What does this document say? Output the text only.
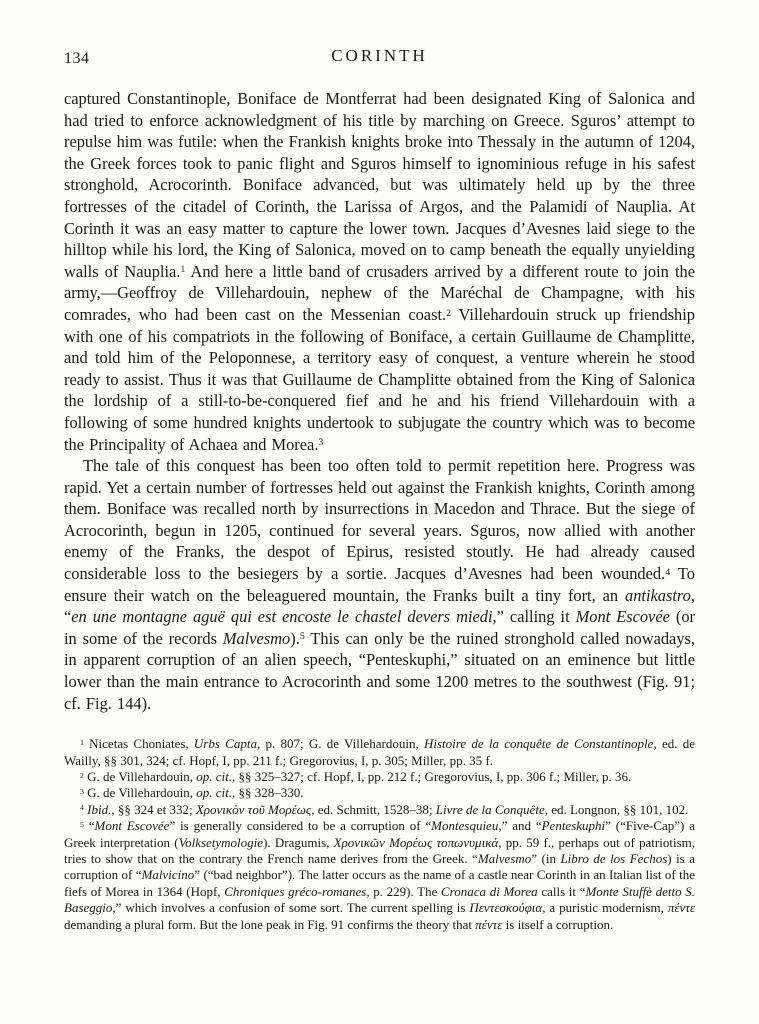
134	CORINTH

captured Constantinople, Boniface de Montferrat had been designated King of Salonica and had tried to enforce acknowledgment of his title by marching on Greece. Sguros’ attempt to repulse him was futile: when the Frankish knights broke into Thessaly in the autumn of 1204, the Greek forces took to panic flight and Sguros himself to ignominious refuge in his safest stronghold, Acrocorinth. Boniface advanced, but was ultimately held up by the three fortresses of the citadel of Corinth, the Larissa of Argos, and the Palamidi of Nauplia. At Corinth it was an easy matter to capture the lower town. Jacques d’Avesnes laid siege to the hilltop while his lord, the King of Salonica, moved on to camp beneath the equally unyielding walls of Nauplia.$^1$ And here a little band of crusaders arrived by a different route to join the army,—Geoffroy de Villehardouin, nephew of the Maréchal de Champagne, with his comrades, who had been cast on the Messenian coast.$^2$ Villehardouin struck up friendship with one of his compatriots in the following of Boniface, a certain Guillaume de Champlitte, and told him of the Peloponnese, a territory easy of conquest, a venture wherein he stood ready to assist. Thus it was that Guillaume de Champlitte obtained from the King of Salonica the lordship of a still-to-be-conquered fief and he and his friend Villehardouin with a following of some hundred knights undertook to subjugate the country which was to become the Principality of Achaea and Morea.$^3$

The tale of this conquest has been too often told to permit repetition here. Progress was rapid. Yet a certain number of fortresses held out against the Frankish knights, Corinth among them. Boniface was recalled north by insurrections in Macedon and Thrace. But the siege of Acrocorinth, begun in 1205, continued for several years. Sguros, now allied with another enemy of the Franks, the despot of Epirus, resisted stoutly. He had already caused considerable loss to the besiegers by a sortie. Jacques d’Avesnes had been wounded.$^4$ To ensure their watch on the beleaguered mountain, the Franks built a tiny fort, an antikastro, “en une montagne aguë qui est encoste le chastel devers miedi,” calling it Mont Escovée (or in some of the records Malvesmo).$^5$ This can only be the ruined stronghold called nowadays, in apparent corruption of an alien speech, “Penteskuphi,” situated on an eminence but little lower than the main entrance to Acrocorinth and some 1200 metres to the southwest (Fig. 91; cf. Fig. 144).

$^1$ Nicetas Choniates, Urbs Capta, p. 807; G. de Villehardouin, Histoire de la conquête de Constantinople, ed. de Wailly, §§ 301, 324; cf. Hopf, I, pp. 211 f.; Gregorovius, I, p. 305; Miller, pp. 35 f.

$^2$ G. de Villehardouin, op. cit., §§ 325–327; cf. Hopf, I, pp. 212 f.; Gregorovius, I, pp. 306 f.; Miller, p. 36.

$^3$ G. de Villehardouin, op. cit., §§ 328–330.

$^4$ Ibid., §§ 324 et 332; Χρονικὸν τοῦ Μορέως, ed. Schmitt, 1528–38; Livre de la Conquête, ed. Longnon, §§ 101, 102.

$^5$ “Mont Escovée” is generally considered to be a corruption of “Montesquieu,” and “Penteskuphi” (“Five-Cap”) a Greek interpretation (Volksetymologie). Dragumis, Χρονικῶν Μορέως τοπωνυμικά, pp. 59 f., perhaps out of patriotism, tries to show that on the contrary the French name derives from the Greek. “Malvesmo” (in Libro de los Fechos) is a corruption of “Malvicino” (“bad neighbor”). The latter occurs as the name of a castle near Corinth in an Italian list of the fiefs of Morea in 1364 (Hopf, Chroniques gréco-romanes, p. 229). The Cronaca di Morea calls it “Monte Stuffè detto S. Baseggio,” which involves a confusion of some sort. The current spelling is Πεντεσκούφια, a puristic modernism, πέντε demanding a plural form. But the lone peak in Fig. 91 confirms the theory that πέντε is itself a corruption.
